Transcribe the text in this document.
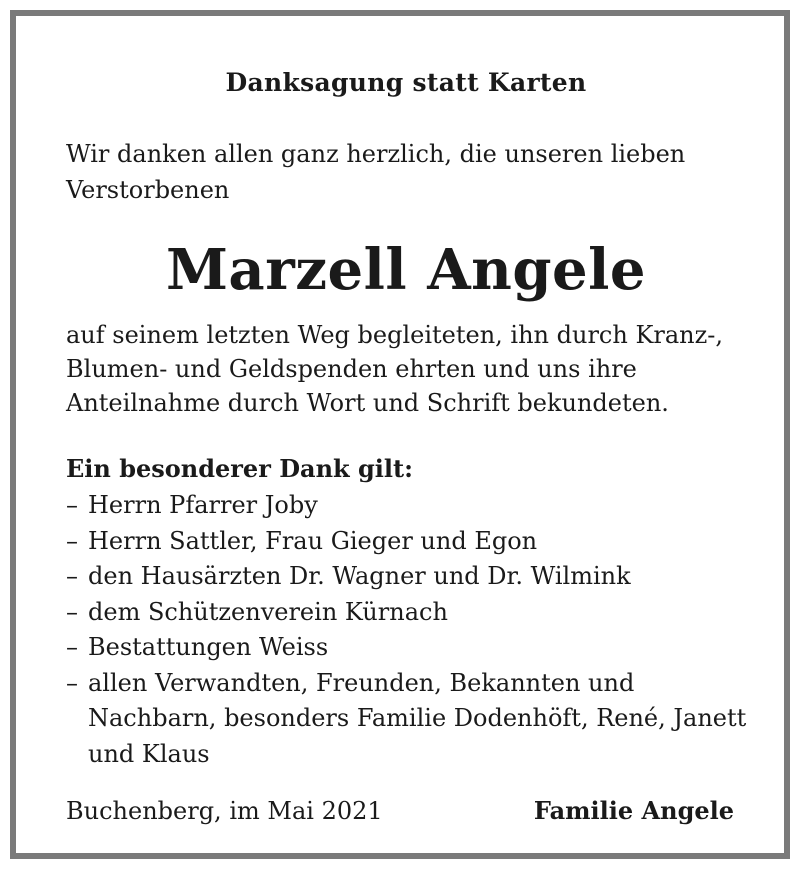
Danksagung statt Karten
Wir danken allen ganz herzlich, die unseren lieben Verstorbenen
Marzell Angele
auf seinem letzten Weg begleiteten, ihn durch Kranz-, Blumen- und Geldspenden ehrten und uns ihre Anteilnahme durch Wort und Schrift bekundeten.
Ein besonderer Dank gilt:
– Herrn Pfarrer Joby
– Herrn Sattler, Frau Gieger und Egon
– den Hausärzten Dr. Wagner und Dr. Wilmink
– dem Schützenverein Kürnach
– Bestattungen Weiss
– allen Verwandten, Freunden, Bekannten und Nachbarn, besonders Familie Dodenhöft, René, Janett und Klaus
Buchenberg, im Mai 2021	Familie Angele
